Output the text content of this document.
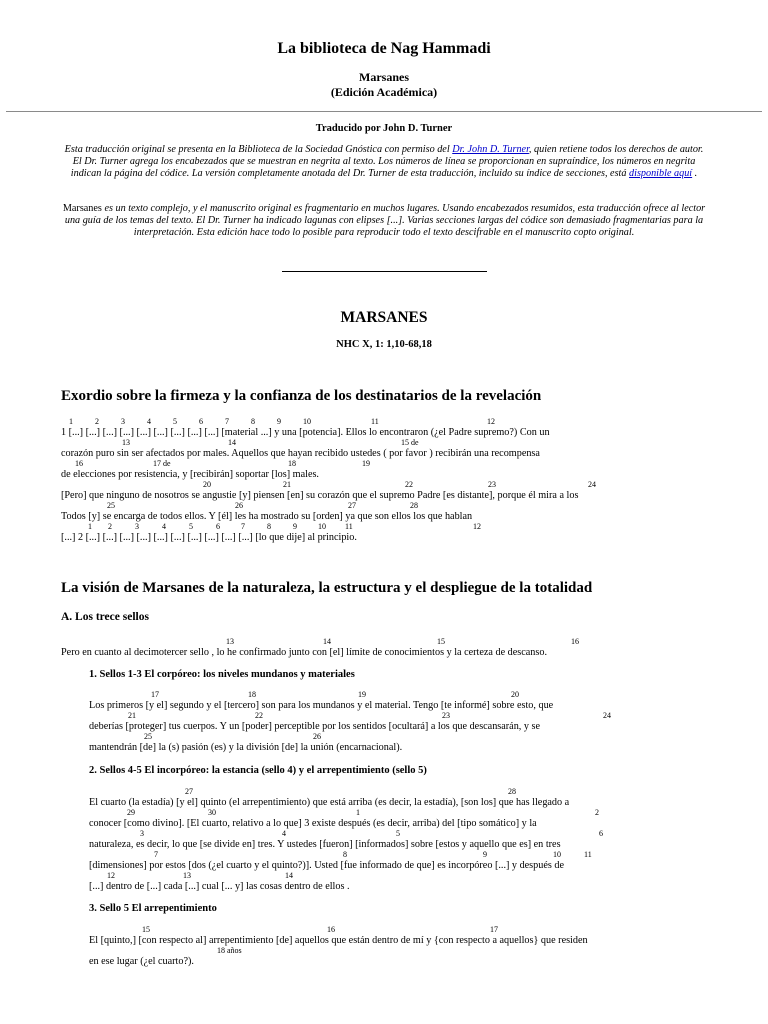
La biblioteca de Nag Hammadi
Marsanes
(Edición Académica)
Traducido por John D. Turner
Esta traducción original se presenta en la Biblioteca de la Sociedad Gnóstica con permiso del Dr. John D. Turner, quien retiene todos los derechos de autor. El Dr. Turner agrega los encabezados que se muestran en negrita al texto. Los números de línea se proporcionan en supraíndice, los números en negrita indican la página del códice. La versión completamente anotada del Dr. Turner de esta traducción, incluido su índice de secciones, está disponible aquí .
Marsanes es un texto complejo, y el manuscrito original es fragmentario en muchos lugares. Usando encabezados resumidos, esta traducción ofrece al lector una guía de los temas del texto. El Dr. Turner ha indicado lagunas con elipses [...]. Varias secciones largas del códice son demasiado fragmentarias para la interpretación. Esta edición hace todo lo posible para reproducir todo el texto descifrable en el manuscrito copto original.
MARSANES
NHC X, 1: 1,10-68,18
Exordio sobre la firmeza y la confianza de los destinatarios de la revelación
La visión de Marsanes de la naturaleza, la estructura y el despliegue de la totalidad
A. Los trece sellos
1. Sellos 1-3 El corpóreo: los niveles mundanos y materiales
2. Sellos 4-5 El incorpóreo: la estancia (sello 4) y el arrepentimiento (sello 5)
3. Sello 5 El arrepentimiento
1 [...] [...] [...] [...] [...] [...] [...] [...] [...] [material ...] y una [potencia]. Ellos lo encontraron (¿el Padre supremo?) Con un
corazón puro sin ser afectados por males. Aquellos que hayan recibido ustedes ( por favor ) recibirán una recompensa
de elecciones por resistencia, y [recibirán] soportar [los] males.
[Pero] que ninguno de nosotros se angustie [y] piensen [en] su corazón que el supremo Padre [es distante], porque él mira a los
Todos [y] se encarga de todos ellos. Y [él] les ha mostrado su [orden] ya que son ellos los que hablan
[...] 2 [...] [...] [...] [...] [...] [...] [...] [...] [...] [...] [lo que dije] al principio.
Pero en cuanto al decimotercer sello , lo he confirmado junto con [el] límite de conocimientos y la certeza de descanso.
Los primeros [y el] segundo y el [tercero] son para los mundanos y el material. Tengo [te informé] sobre esto, que
deberías [proteger] tus cuerpos. Y un [poder] perceptible por los sentidos [ocultará] a los que descansarán, y se
mantendrán [de] la (s) pasión (es) y la división [de] la unión (encarnacional).
El cuarto (la estadía) [y el] quinto (el arrepentimiento) que está arriba (es decir, la estadía), [son los] que has llegado a
conocer [como divino]. [El cuarto, relativo a lo que] 3 existe después (es decir, arriba) del [tipo somático] y la
naturaleza, es decir, lo que [se divide en] tres. Y ustedes [fueron] [informados] sobre [estos y aquello que es] en tres
[dimensiones] por estos [dos (¿el cuarto y el quinto?)]. Usted [fue informado de que] es incorpóreo [...] y después de
[...] dentro de [...] cada [...] cual [... y] las cosas dentro de ellos .
El [quinto,] [con respecto al] arrepentimiento [de] aquellos que están dentro de mí y {con respecto a aquellos} que residen
en ese lugar (¿el cuarto?).
1	2	3	4	5	6	7	8	9	10	11	12
13	14	15 de
16	17 de	18	19
20	21	22	23	24
25	26	27	28
1 2	3	4	5	6	7	8	9	10 11	12
13	14	15	16
17	18	19	20
21	22	23	24
25	26
27	28
29	30	1	2
3	4	5	6
7	8	9	10	11
12	13	14
15	16	17
18 años
